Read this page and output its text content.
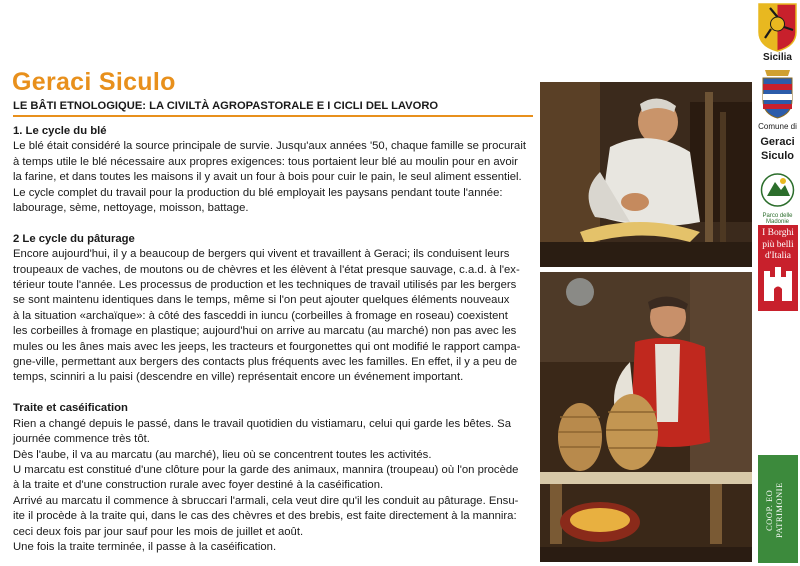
Geraci Siculo
LE BÂTI ETNOLOGIQUE: LA CIVILTÀ AGROPASTORALE E I CICLI DEL LAVORO

1. Le cycle du blé

Le blé était considéré la source principale de survie. Jusqu'aux années '50, chaque famille se procurait

à temps utile le blé nécessaire aux propres exigences: tous portaient leur blé au moulin pour en avoir

la farine, et dans toutes les maisons il y avait un four à bois pour cuir le pain, le seul aliment essentiel.

Le cycle complet du travail pour la production du blé employait les paysans pendant toute l'année:

labourage, sème, nettoyage, moisson, battage.

2 Le cycle du pâturage

Encore aujourd'hui, il y a beaucoup de bergers qui vivent et travaillent à Geraci; ils conduisent leurs

troupeaux de vaches, de moutons ou de chèvres et les élèvent à l'état presque sauvage, c.a.d. à l'ex-

térieur toute l'année. Les processus de production et les techniques de travail utilisés par les bergers

se sont maintenu identiques dans le temps, même si l'on peut ajouter quelques éléments nouveaux

à la situation «archaïque»: à côté des fasceddi in iuncu (corbeilles à fromage en roseau) coexistent

les corbeilles à fromage en plastique; aujourd'hui on arrive au marcatu (au marché) non pas avec les

mules ou les ânes mais avec les jeeps, les tracteurs et fourgonettes qui ont modifié le rapport campa-

gne-ville, permettant aux bergers des contacts plus fréquents avec les familles. En effet, il y a peu de

temps, scinniri a lu paisi (descendre en ville) représentait encore un événement important.

Traite et caséification

Rien a changé depuis le passé, dans le travail quotidien du vistiamaru, celui qui garde les bêtes. Sa

journée commence très tôt.

Dès l'aube, il va au marcatu (au marché), lieu où se concentrent toutes les activités.

U marcatu est constitué d'une clôture pour la garde des animaux, mannira (troupeau) où l'on procède

à la traite et d'une construction rurale avec foyer destiné à la caséification.

Arrivé au marcatu il commence à sbruccari l'armali, cela veut dire qu'il les conduit au pâturage. Ensu-

ite il procède à la traite qui, dans le cas des chèvres et des brebis, est faite directement à la mannira:

ceci deux fois par jour sauf pour les mois de juillet et août.

Une fois la traite terminée, il passe à la caséification.

Sicilia
Comune di
Geraci
Siculo
Parco delle Madonie
I Borghi
più belli
d'Italia
COOP. EO PATRIMONIE
